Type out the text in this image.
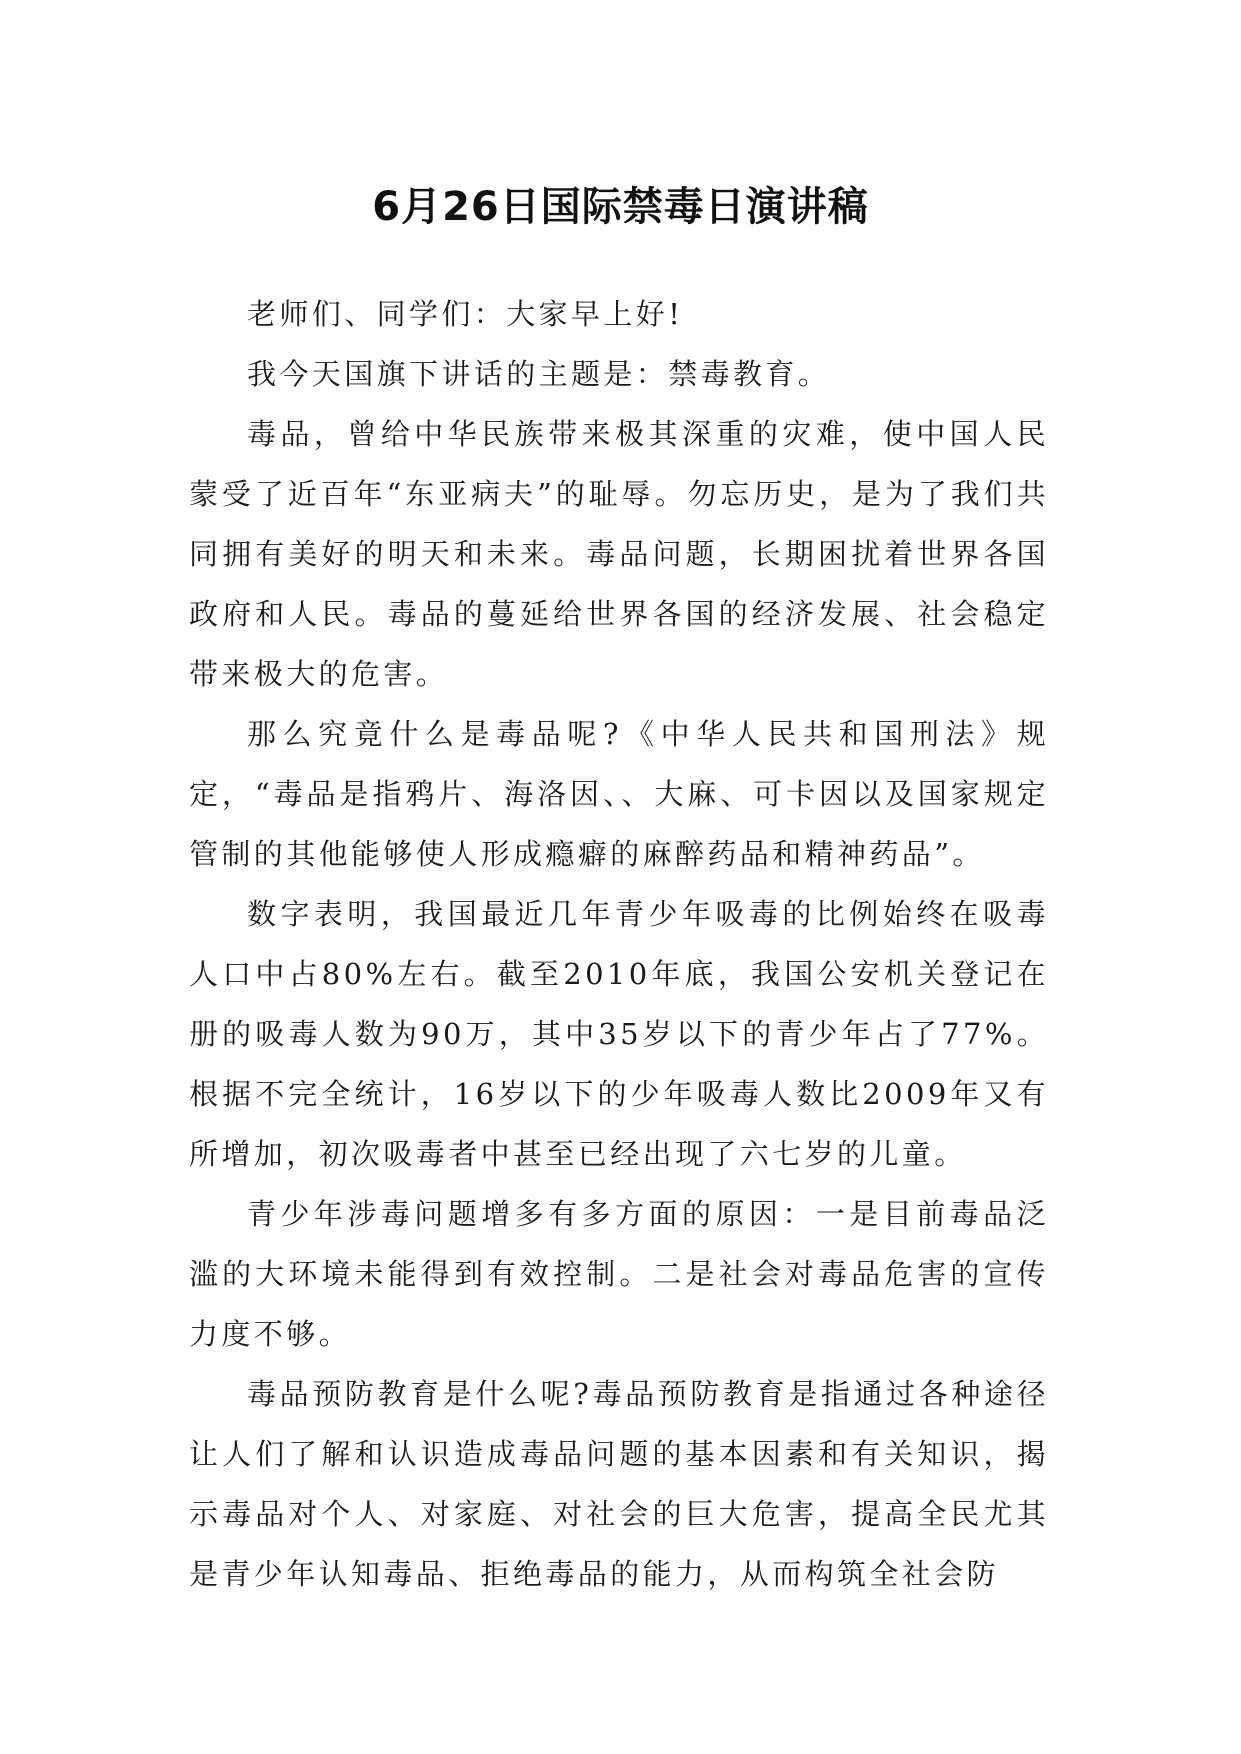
6月26日国际禁毒日演讲稿

老师们、同学们：大家早上好!

我今天国旗下讲话的主题是：禁毒教育。

毒品，曾给中华民族带来极其深重的灾难，使中国人民蒙受了近百年“东亚病夫”的耻辱。勿忘历史，是为了我们共同拥有美好的明天和未来。毒品问题，长期困扰着世界各国政府和人民。毒品的蔓延给世界各国的经济发展、社会稳定带来极大的危害。

那么究竟什么是毒品呢?《中华人民共和国刑法》规定，“毒品是指鸦片、海洛因、、大麻、可卡因以及国家规定管制的其他能够使人形成瘾癖的麻醉药品和精神药品”。

数字表明，我国最近几年青少年吸毒的比例始终在吸毒人口中占80%左右。截至2010年底，我国公安机关登记在册的吸毒人数为90万，其中35岁以下的青少年占了77%。根据不完全统计，16岁以下的少年吸毒人数比2009年又有所增加，初次吸毒者中甚至已经出现了六七岁的儿童。

青少年涉毒问题增多有多方面的原因：一是目前毒品泛滥的大环境未能得到有效控制。二是社会对毒品危害的宣传力度不够。

毒品预防教育是什么呢?毒品预防教育是指通过各种途径让人们了解和认识造成毒品问题的基本因素和有关知识，揭示毒品对个人、对家庭、对社会的巨大危害，提高全民尤其是青少年认知毒品、拒绝毒品的能力，从而构筑全社会防
